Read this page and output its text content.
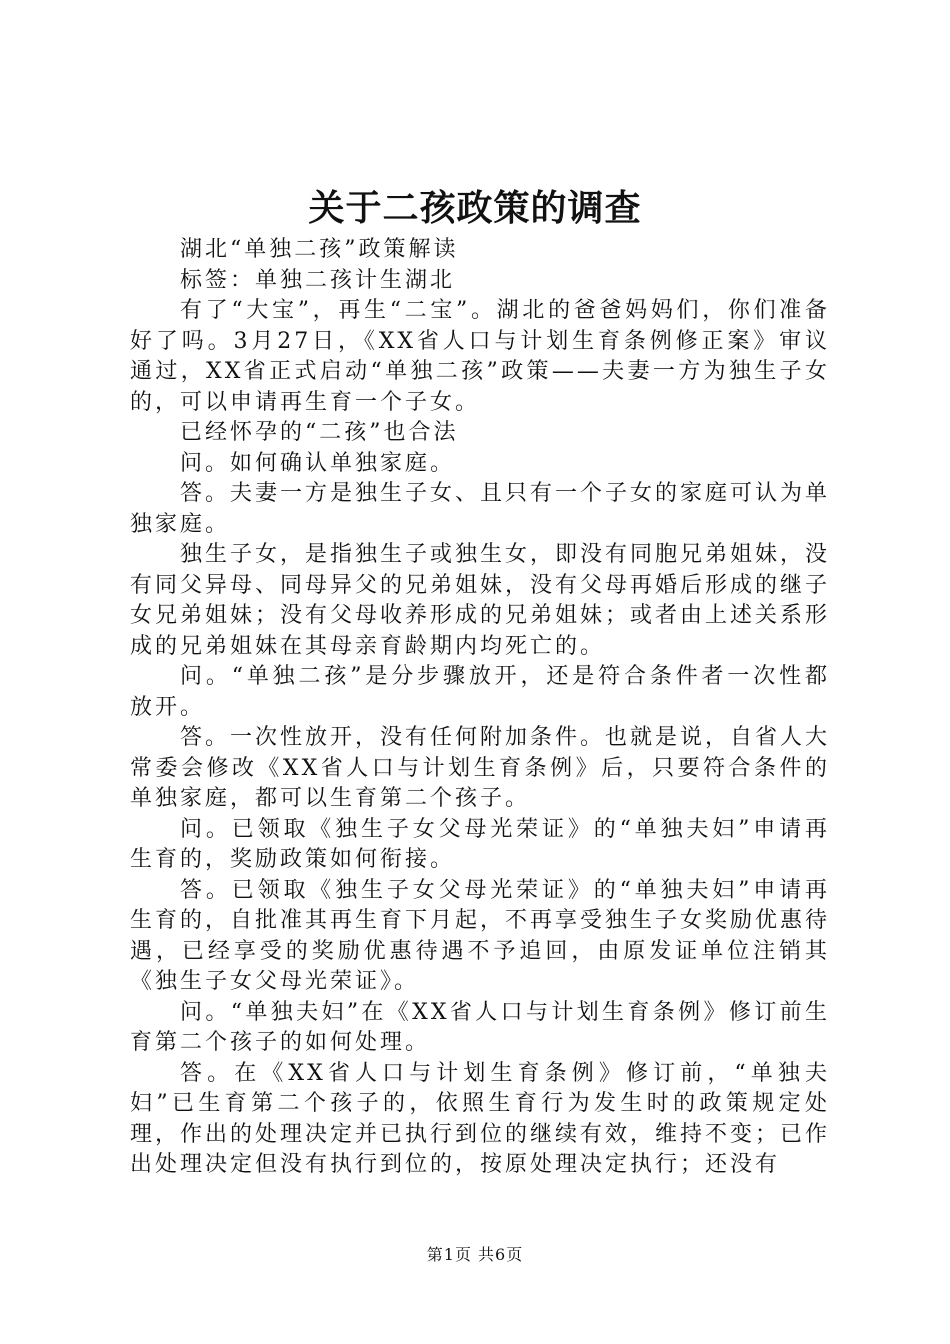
关于二孩政策的调查

湖北“单独二孩”政策解读

标签：单独二孩计生湖北

有了“大宝”，再生“二宝”。湖北的爸爸妈妈们，你们准备好了吗。3月27日，《XX省人口与计划生育条例修正案》审议通过，XX省正式启动“单独二孩”政策——夫妻一方为独生子女的，可以申请再生育一个子女。

已经怀孕的“二孩”也合法

问。如何确认单独家庭。

答。夫妻一方是独生子女、且只有一个子女的家庭可认为单独家庭。

独生子女，是指独生子或独生女，即没有同胞兄弟姐妹，没有同父异母、同母异父的兄弟姐妹，没有父母再婚后形成的继子女兄弟姐妹；没有父母收养形成的兄弟姐妹；或者由上述关系形成的兄弟姐妹在其母亲育龄期内均死亡的。

问。“单独二孩”是分步骤放开，还是符合条件者一次性都放开。

答。一次性放开，没有任何附加条件。也就是说，自省人大常委会修改《XX省人口与计划生育条例》后，只要符合条件的单独家庭，都可以生育第二个孩子。

问。已领取《独生子女父母光荣证》的“单独夫妇”申请再生育的，奖励政策如何衔接。

答。已领取《独生子女父母光荣证》的“单独夫妇”申请再生育的，自批准其再生育下月起，不再享受独生子女奖励优惠待遇，已经享受的奖励优惠待遇不予追回，由原发证单位注销其《独生子女父母光荣证》。

问。“单独夫妇”在《XX省人口与计划生育条例》修订前生育第二个孩子的如何处理。

答。在《XX省人口与计划生育条例》修订前，“单独夫妇”已生育第二个孩子的，依照生育行为发生时的政策规定处理，作出的处理决定并已执行到位的继续有效，维持不变；已作出处理决定但没有执行到位的，按原处理决定执行；还没有

第1页 共6页
